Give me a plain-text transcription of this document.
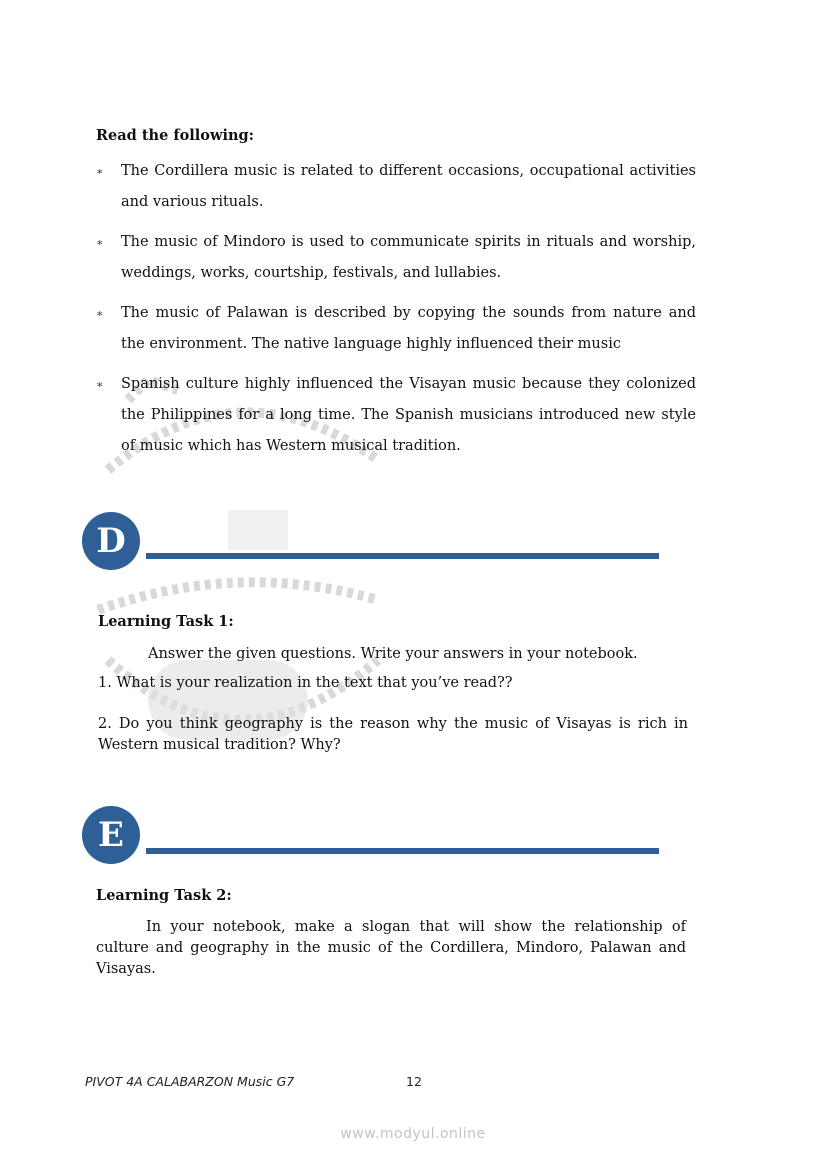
Read the following:
∗ The Cordillera music is related to different occasions, occupational activities and various rituals.
∗ The music of Mindoro is used to communicate spirits in rituals and worship, weddings, works, courtship, festivals, and lullabies.
∗ The music of Palawan is described by copying the sounds from nature and the environment. The native language highly influenced their music
∗ Spanish culture highly influenced the Visayan music because they colonized the Philippines for a long time. The Spanish musicians introduced new style of music which has Western musical tradition.
D
Learning Task 1:
Answer the given questions. Write your answers in your notebook.
1. What is your realization in the text that you’ve read??
2. Do you think geography is the reason why the music of Visayas is rich in Western musical tradition? Why?
E
Learning Task 2:
In your notebook, make a slogan that will show the relationship of culture and geography in the music of the Cordillera, Mindoro, Palawan and Visayas.
PIVOT 4A CALABARZON Music G7	12
www.modyul.online
